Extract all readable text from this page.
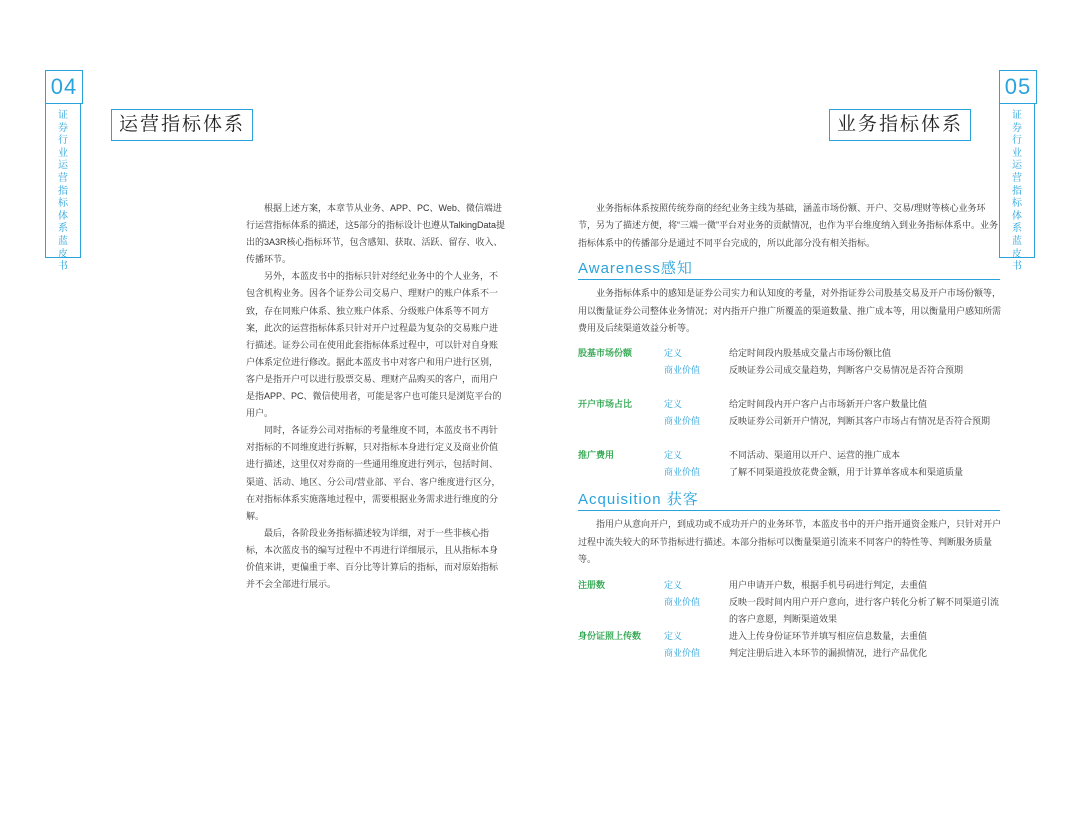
04
证
券
行
业
运
营
指
标
体
系
蓝
皮
书
运营指标体系

根据上述方案，本章节从业务、APP、PC、Web、微信端进行运营指标体系的描述，这5部分的指标设计也遵从TalkingData提出的3A3R核心指标环节，包含感知、获取、活跃、留存、收入、传播环节。

另外，本蓝皮书中的指标只针对经纪业务中的个人业务，不包含机构业务。因各个证券公司交易户、理财户的账户体系不一致，存在同账户体系、独立账户体系、分级账户体系等不同方案，此次的运营指标体系只针对开户过程最为复杂的交易账户进行描述。证券公司在使用此套指标体系过程中，可以针对自身账户体系定位进行修改。据此本蓝皮书中对客户和用户进行区别，客户是指开户可以进行股票交易、理财产品购买的客户，而用户是指APP、PC、微信使用者，可能是客户也可能只是浏览平台的用户。

同时，各证券公司对指标的考量维度不同，本蓝皮书不再针对指标的不同维度进行拆解，只对指标本身进行定义及商业价值进行描述，这里仅对券商的一些通用维度进行列示，包括时间、渠道、活动、地区、分公司/营业部、平台、客户维度进行区分，在对指标体系实施落地过程中，需要根据业务需求进行维度的分解。

最后，各阶段业务指标描述较为详细，对于一些非核心指标，本次蓝皮书的编写过程中不再进行详细展示，且从指标本身价值来讲，更偏重于率、百分比等计算后的指标，而对原始指标并不会全部进行展示。

05
证
券
行
业
运
营
指
标
体
系
蓝
皮
书
业务指标体系

业务指标体系按照传统券商的经纪业务主线为基础，涵盖市场份额、开户、交易/理财等核心业务环节，另为了描述方便，将“三端一微”平台对业务的贡献情况，也作为平台维度纳入到业务指标体系中。业务指标体系中的传播部分是通过不同平台完成的，所以此部分没有相关指标。

Awareness感知

业务指标体系中的感知是证券公司实力和认知度的考量，对外指证券公司股基交易及开户市场份额等，用以衡量证券公司整体业务情况；对内指开户推广所覆盖的渠道数量、推广成本等，用以衡量用户感知所需费用及后续渠道效益分析等。

股基市场份额	定义	给定时间段内股基成交量占市场份额比值
商业价值	反映证券公司成交量趋势，判断客户交易情况是否符合预期
开户市场占比	定义	给定时间段内开户客户占市场新开户客户数量比值
商业价值	反映证券公司新开户情况，判断其客户市场占有情况是否符合预期
推广费用	定义	不同活动、渠道用以开户、运营的推广成本
商业价值	了解不同渠道投放花费金额，用于计算单客成本和渠道质量
Acquisition 获客

指用户从意向开户，到成功或不成功开户的业务环节，本蓝皮书中的开户指开通资金账户，只针对开户过程中流失较大的环节指标进行描述。本部分指标可以衡量渠道引流来不同客户的特性等、判断服务质量等。

注册数	定义	用户申请开户数，根据手机号码进行判定，去重值
商业价值	反映一段时间内用户开户意向，进行客户转化分析了解不同渠道引流的客户意愿，判断渠道效果
身份证照上传数	定义	进入上传身份证环节并填写相应信息数量，去重值
商业价值	判定注册后进入本环节的漏损情况，进行产品优化
